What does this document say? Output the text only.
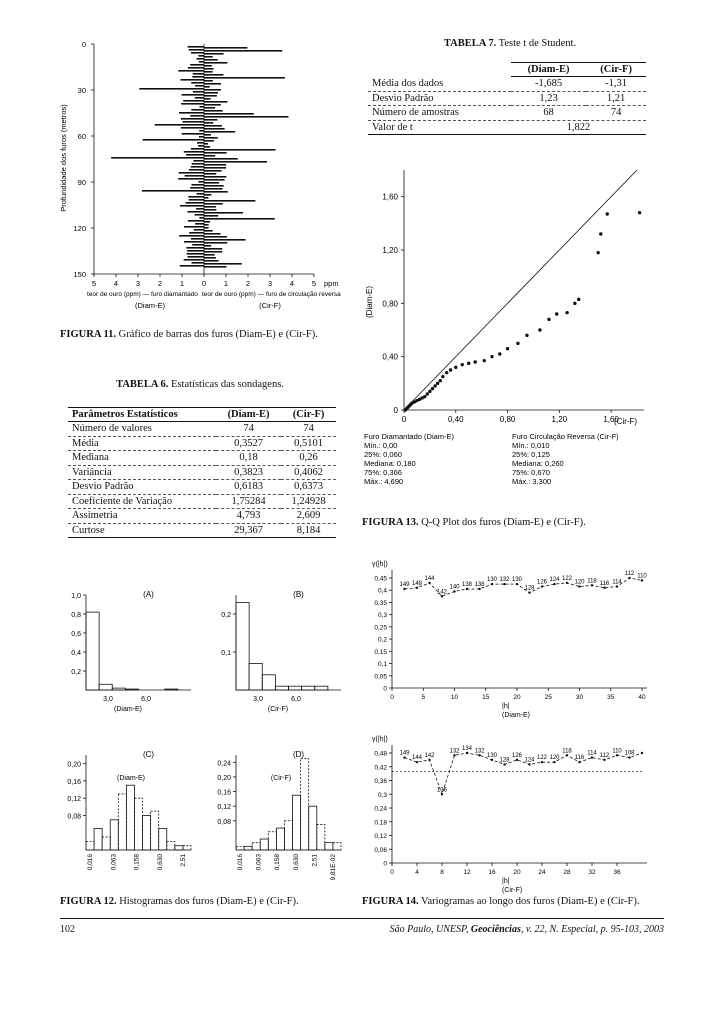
0
30
60
90
120
150
Profundidade dos furos (metros)
5 4 3 2 1 0 1 2 3 4 5 ppm
teor de ouro (ppm) — furo diamantado teor de ouro (ppm) — furo de circulação reversa
(Diam-E)	(Cir-F)
FIGURA 11. Gráfico de barras dos furos (Diam-E) e (Cir-F).
TABELA 6. Estatísticas das sondagens.
Parâmetros Estatísticos	(Diam-E)	(Cir-F)
Número de valores	74	74
Média	0,3527	0,5101
Mediana	0,18	0,26
Variância	0,3823	0,4062
Desvio Padrão	0,6183	0,6373
Coeficiente de Variação	1,75284	1,24928
Assimetria	4,793	2,609
Curtose	29,367	8,184
TABELA 7. Teste t de Student.
	(Diam-E)	(Cir-F)
Média dos dados	-1,685	-1,31
Desvio Padrão	1,23	1,21
Número de amostras	68	74
Valor de t	1,822	
0
0
0,40
0,40
0,80
0,80
1,20
1,20
1,60
1,60
(Diam-E)
(Cir-F)
Furo Diamantado (Diam-E)
Mín.: 0,00
25%: 0,060
Mediana: 0,180
75%: 0,366
Máx.: 4,690
Furo Circulação Reversa (Cir-F)
Mín.: 0,010
25%: 0,125
Mediana: 0,260
75%: 0,670
Máx.: 3,300
FIGURA 13. Q-Q Plot dos furos (Diam-E) e (Cir-F).
(A)
1,0
0,8
0,6
0,4
0,2
3,0	6,0
(Diam-E)
(B)
0,2
0,1
3,0	6,0
(Cir-F)
(C)
0,20
0,16
0,12
0,08
0,016	0,063	0,158	0,630	2,51
(Diam-E)
(D)
0,24
0,20
0,16
0,12
0,08
0,016 0,063 0,158 0,630 2,51 9,81E-02
(Cir-F)
FIGURA 12. Histogramas dos furos (Diam-E) e (Cir-F).
γ(|h|)
0,45
0,4
0,35
0,3
0,25
0,2
0,15
0,1
0,05
0
0	5	10	15	20	25	30	35	40
|h|
(Diam-E)
149 148
144
142
140 138 138
130 132 130
128
126 124 122
120 118 116 114
112 110
γ(|h|)
0,48
0,42
0,36
0,3
0,24
0,18
0,12
0,06
0
0	4	8	12	16	20	24	28	32	36
|h|
(Cir-F)
149
144 142
136
132 134 132
130
128
126
124 122 120
118
116
114 112
110 108
FIGURA 14. Variogramas ao longo dos furos (Diam-E) e (Cir-F).
102	São Paulo, UNESP, Geociências, v. 22, N. Especial, p. 95-103, 2003
